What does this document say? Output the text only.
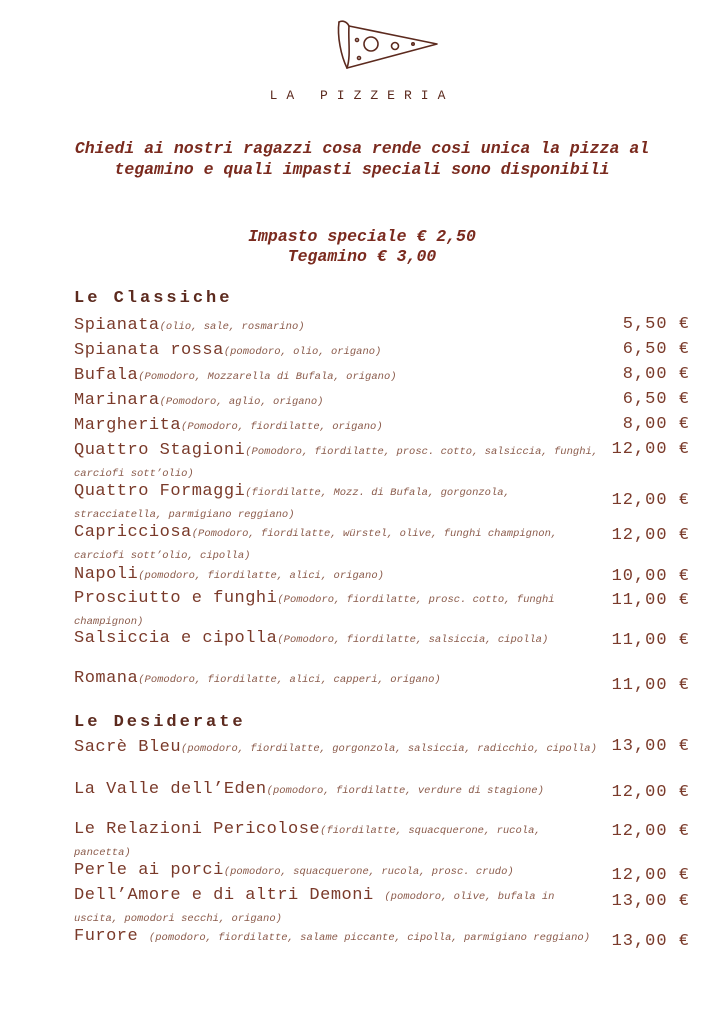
LA PIZZERIA
Chiedi ai nostri ragazzi cosa rende cosi unica la pizza al tegamino e quali impasti speciali sono disponibili
Impasto speciale € 2,50
Tegamino € 3,00
Le Classiche
Spianata(olio, sale, rosmarino)	5,50 €
Spianata rossa(pomodoro, olio, origano)	6,50 €
Bufala(Pomodoro, Mozzarella di Bufala, origano)	8,00 €
Marinara(Pomodoro, aglio, origano)	6,50 €
Margherita(Pomodoro, fiordilatte, origano)	8,00 €
Quattro Stagioni(Pomodoro, fiordilatte, prosc. cotto, salsiccia, funghi, carciofi sott’olio)
12,00 €
Quattro Formaggi(fiordilatte, Mozz. di Bufala, gorgonzola, stracciatella, parmigiano reggiano)
12,00 €
Capricciosa(Pomodoro, fiordilatte, würstel, olive, funghi champignon, carciofi sott’olio, cipolla)
12,00 €
Napoli(pomodoro, fiordilatte, alici, origano)	10,00 €
Prosciutto e funghi(Pomodoro, fiordilatte, prosc. cotto, funghi champignon)
11,00 €
Salsiccia e cipolla(Pomodoro, fiordilatte, salsiccia, cipolla)	11,00 €
Romana(Pomodoro, fiordilatte, alici, capperi, origano)	11,00 €
Le Desiderate
Sacrè Bleu(pomodoro, fiordilatte, gorgonzola, salsiccia, radicchio, cipolla) 13,00 €
La Valle dell’Eden(pomodoro, fiordilatte, verdure di stagione)	12,00 €
Le Relazioni Pericolose(fiordilatte, squacquerone, rucola, pancetta)
12,00 €
Perle ai porci(pomodoro, squacquerone, rucola, prosc. crudo)	12,00 €
Dell’Amore e di altri Demoni (pomodoro, olive, bufala in uscita, pomodori secchi, origano)
13,00 €
Furore (pomodoro, fiordilatte, salame piccante, cipolla, parmigiano reggiano)	13,00 €
